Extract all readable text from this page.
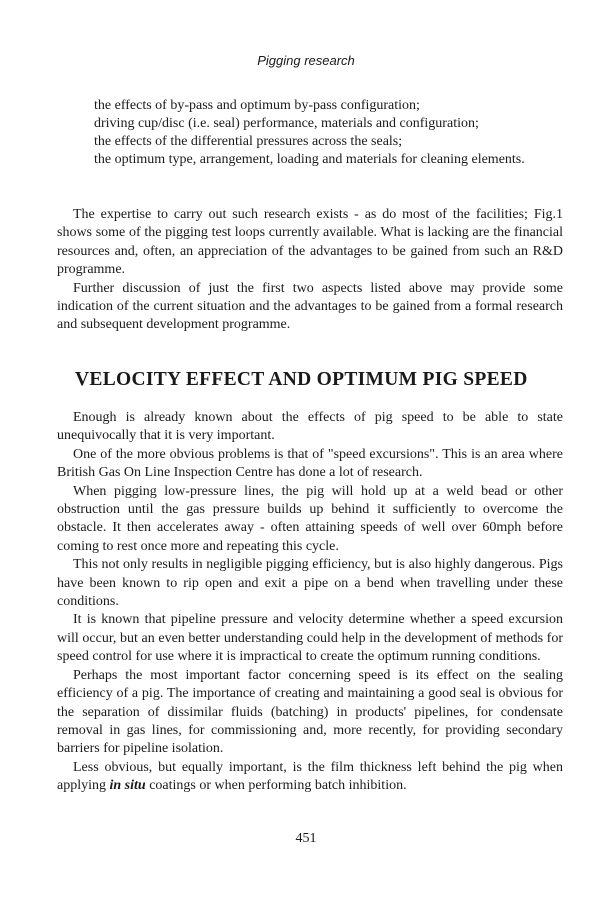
Pigging research
the effects of by-pass and optimum by-pass configuration;
driving cup/disc (i.e. seal) performance, materials and configuration;
the effects of the differential pressures across the seals;
the optimum type, arrangement, loading and materials for cleaning elements.

The expertise to carry out such research exists - as do most of the facilities; Fig.1 shows some of the pigging test loops currently available. What is lacking are the financial resources and, often, an appreciation of the advantages to be gained from such an R&D programme.

Further discussion of just the first two aspects listed above may provide some indication of the current situation and the advantages to be gained from a formal research and subsequent development programme.

VELOCITY EFFECT AND OPTIMUM PIG SPEED

Enough is already known about the effects of pig speed to be able to state unequivocally that it is very important.

One of the more obvious problems is that of "speed excursions". This is an area where British Gas On Line Inspection Centre has done a lot of research.

When pigging low-pressure lines, the pig will hold up at a weld bead or other obstruction until the gas pressure builds up behind it sufficiently to overcome the obstacle. It then accelerates away - often attaining speeds of well over 60mph before coming to rest once more and repeating this cycle.

This not only results in negligible pigging efficiency, but is also highly dangerous. Pigs have been known to rip open and exit a pipe on a bend when travelling under these conditions.

It is known that pipeline pressure and velocity determine whether a speed excursion will occur, but an even better understanding could help in the development of methods for speed control for use where it is impractical to create the optimum running conditions.

Perhaps the most important factor concerning speed is its effect on the sealing efficiency of a pig. The importance of creating and maintaining a good seal is obvious for the separation of dissimilar fluids (batching) in products' pipelines, for condensate removal in gas lines, for commissioning and, more recently, for providing secondary barriers for pipeline isolation.

Less obvious, but equally important, is the film thickness left behind the pig when applying in situ coatings or when performing batch inhibition.

451
